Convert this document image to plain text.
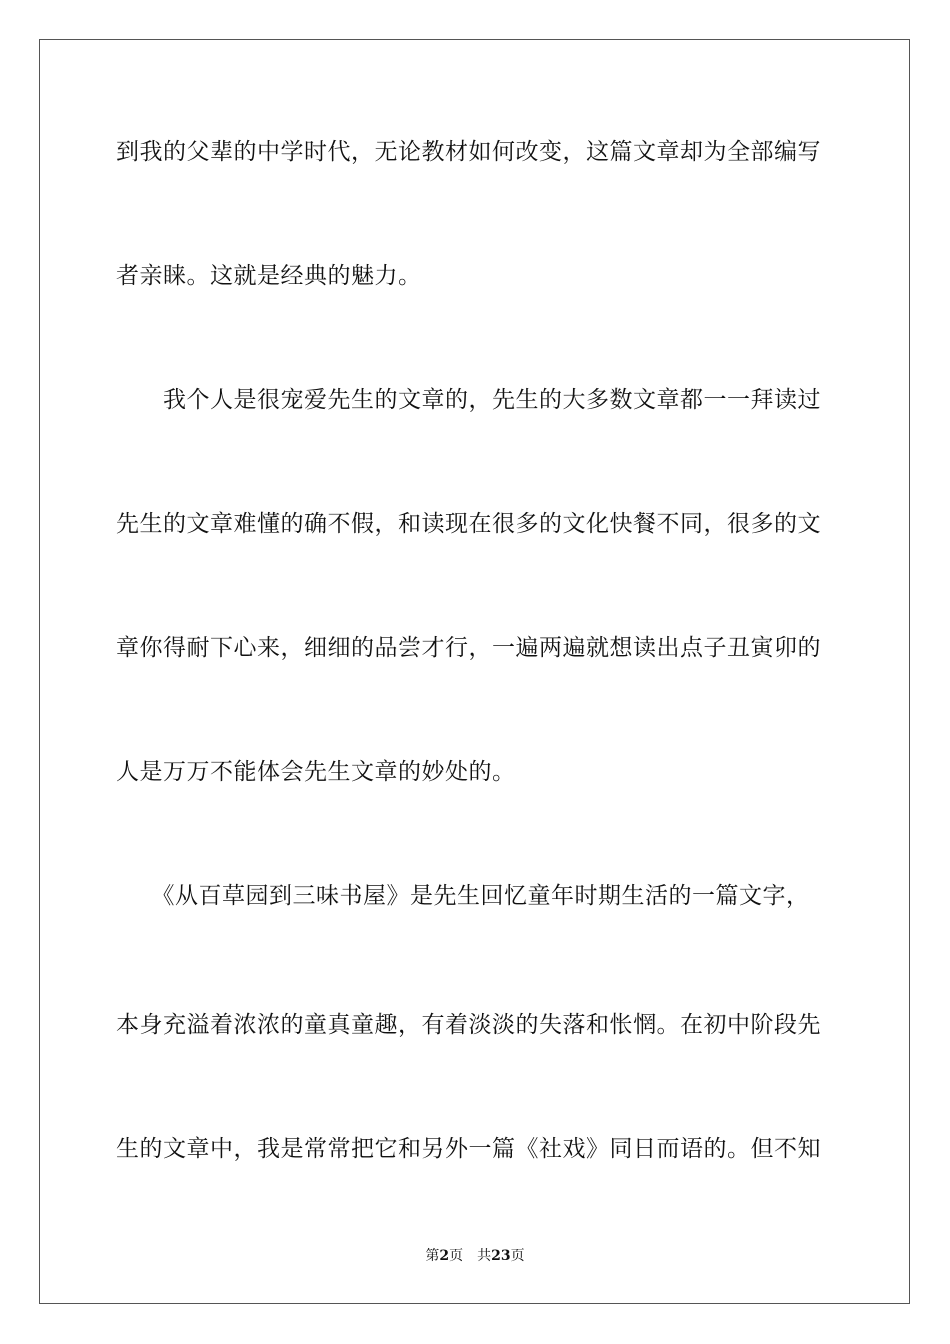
到我的父辈的中学时代，无论教材如何改变，这篇文章却为全部编写
者亲睐。这就是经典的魅力。
　　我个人是很宠爱先生的文章的，先生的大多数文章都一一拜读过
先生的文章难懂的确不假，和读现在很多的文化快餐不同，很多的文
章你得耐下心来，细细的品尝才行，一遍两遍就想读出点子丑寅卯的
人是万万不能体会先生文章的妙处的。
　　《从百草园到三味书屋》是先生回忆童年时期生活的一篇文字，
本身充溢着浓浓的童真童趣，有着淡淡的失落和怅惘。在初中阶段先
生的文章中，我是常常把它和另外一篇《社戏》同日而语的。但不知
第2页 共23页
